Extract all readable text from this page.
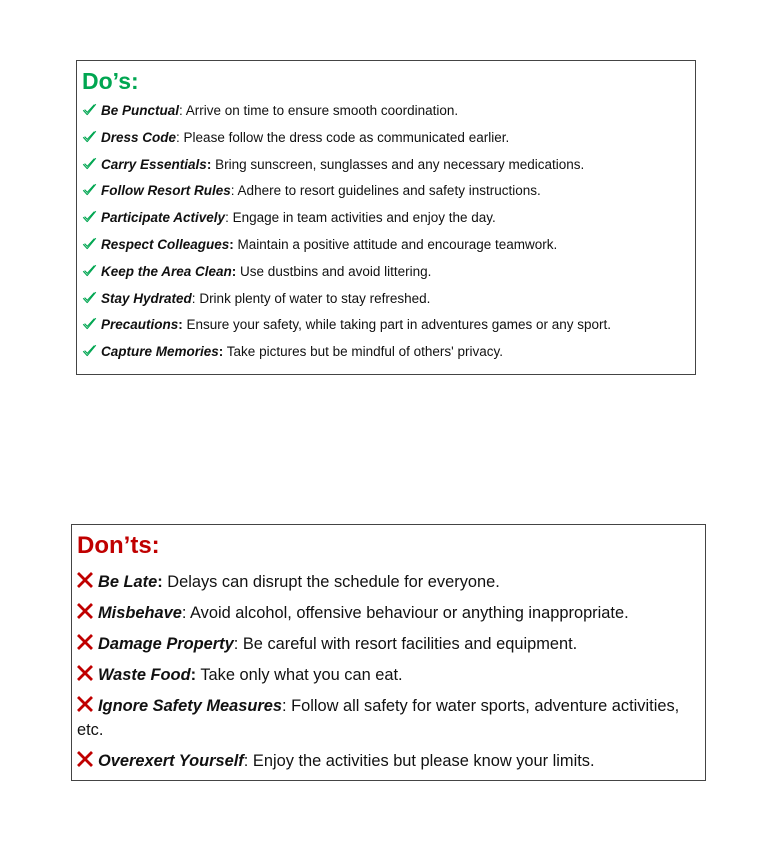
Do’s:
Be Punctual: Arrive on time to ensure smooth coordination.
Dress Code: Please follow the dress code as communicated earlier.
Carry Essentials: Bring sunscreen, sunglasses and any necessary medications.
Follow Resort Rules: Adhere to resort guidelines and safety instructions.
Participate Actively: Engage in team activities and enjoy the day.
Respect Colleagues: Maintain a positive attitude and encourage teamwork.
Keep the Area Clean: Use dustbins and avoid littering.
Stay Hydrated: Drink plenty of water to stay refreshed.
Precautions: Ensure your safety, while taking part in adventures games or any sport.
Capture Memories: Take pictures but be mindful of others' privacy.
Don’ts:
Be Late: Delays can disrupt the schedule for everyone.
Misbehave: Avoid alcohol, offensive behaviour or anything inappropriate.
Damage Property: Be careful with resort facilities and equipment.
Waste Food: Take only what you can eat.
Ignore Safety Measures: Follow all safety for water sports, adventure activities, etc.
Overexert Yourself: Enjoy the activities but please know your limits.
